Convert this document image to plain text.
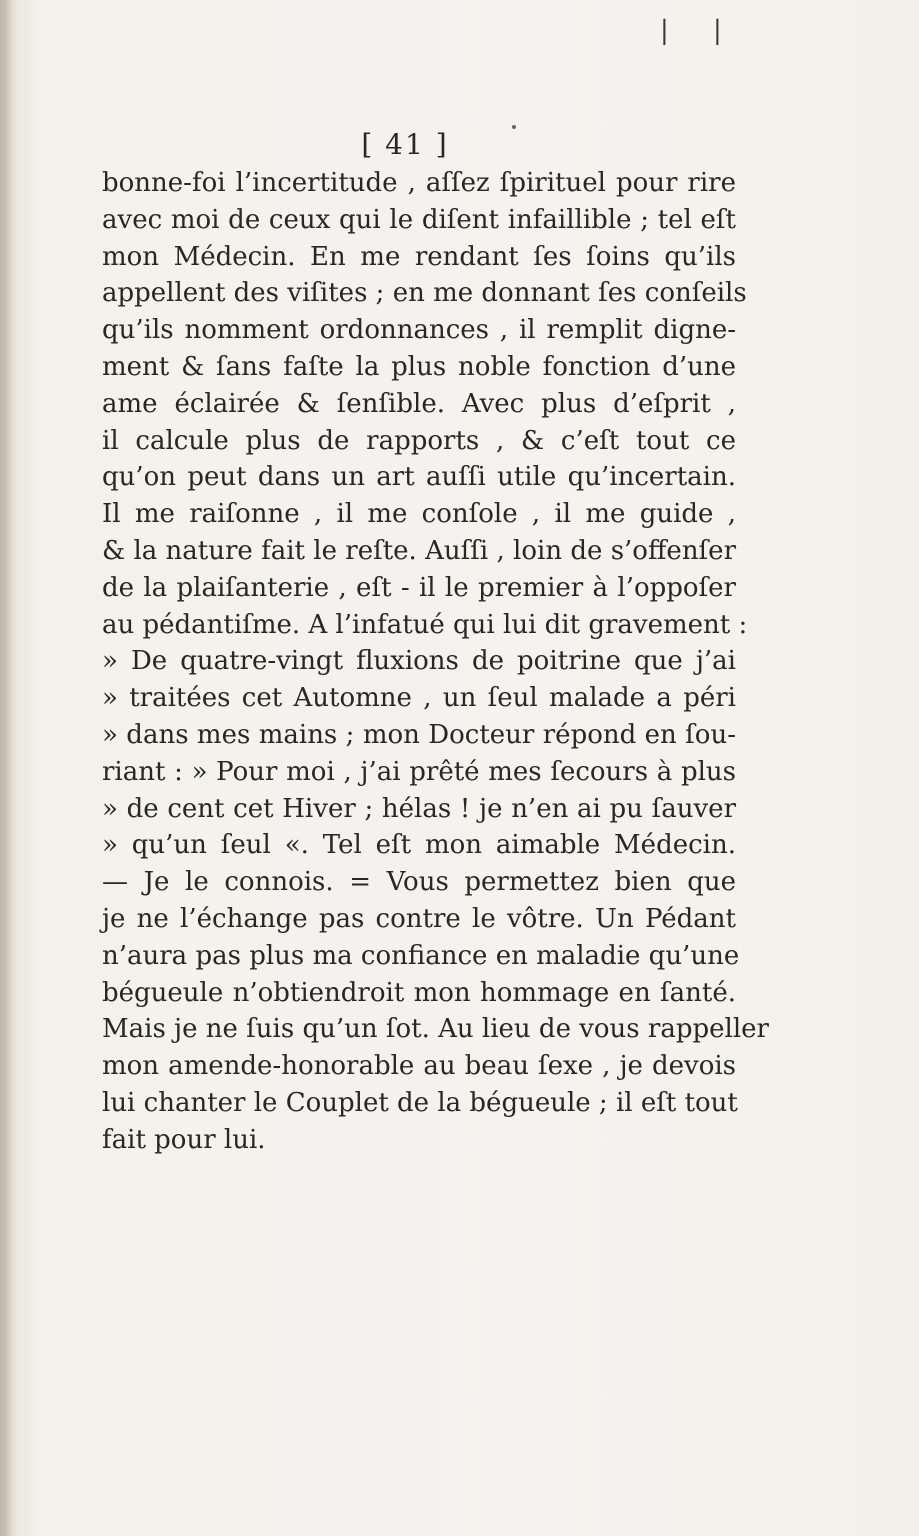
| |
[ 41 ]
bonne-foi l’incertitude , aſſez ſpirituel pour rire
avec moi de ceux qui le diſent infaillible ; tel eſt
mon Médecin. En me rendant ſes ſoins qu’ils
appellent des viſites ; en me donnant ſes conſeils
qu’ils nomment ordonnances , il remplit digne-
ment & ſans faſte la plus noble fonction d’une
ame éclairée & ſenſible. Avec plus d’eſprit ,
il calcule plus de rapports , & c’eſt tout ce
qu’on peut dans un art auſſi utile qu’incertain.
Il me raiſonne , il me conſole , il me guide ,
& la nature fait le reſte. Auſſi , loin de s’offenſer
de la plaiſanterie , eſt - il le premier à l’oppoſer
au pédantiſme. A l’infatué qui lui dit gravement :
» De quatre-vingt fluxions de poitrine que j’ai
» traitées cet Automne , un ſeul malade a péri
» dans mes mains ; mon Docteur répond en ſou-
riant : » Pour moi , j’ai prêté mes ſecours à plus
» de cent cet Hiver ; hélas ! je n’en ai pu ſauver
» qu’un ſeul «. Tel eſt mon aimable Médecin.
— Je le connois. = Vous permettez bien que
je ne l’échange pas contre le vôtre. Un Pédant
n’aura pas plus ma confiance en maladie qu’une
bégueule n’obtiendroit mon hommage en ſanté.
Mais je ne ſuis qu’un ſot. Au lieu de vous rappeller
mon amende-honorable au beau ſexe , je devois
lui chanter le Couplet de la bégueule ; il eſt tout
fait pour lui.
